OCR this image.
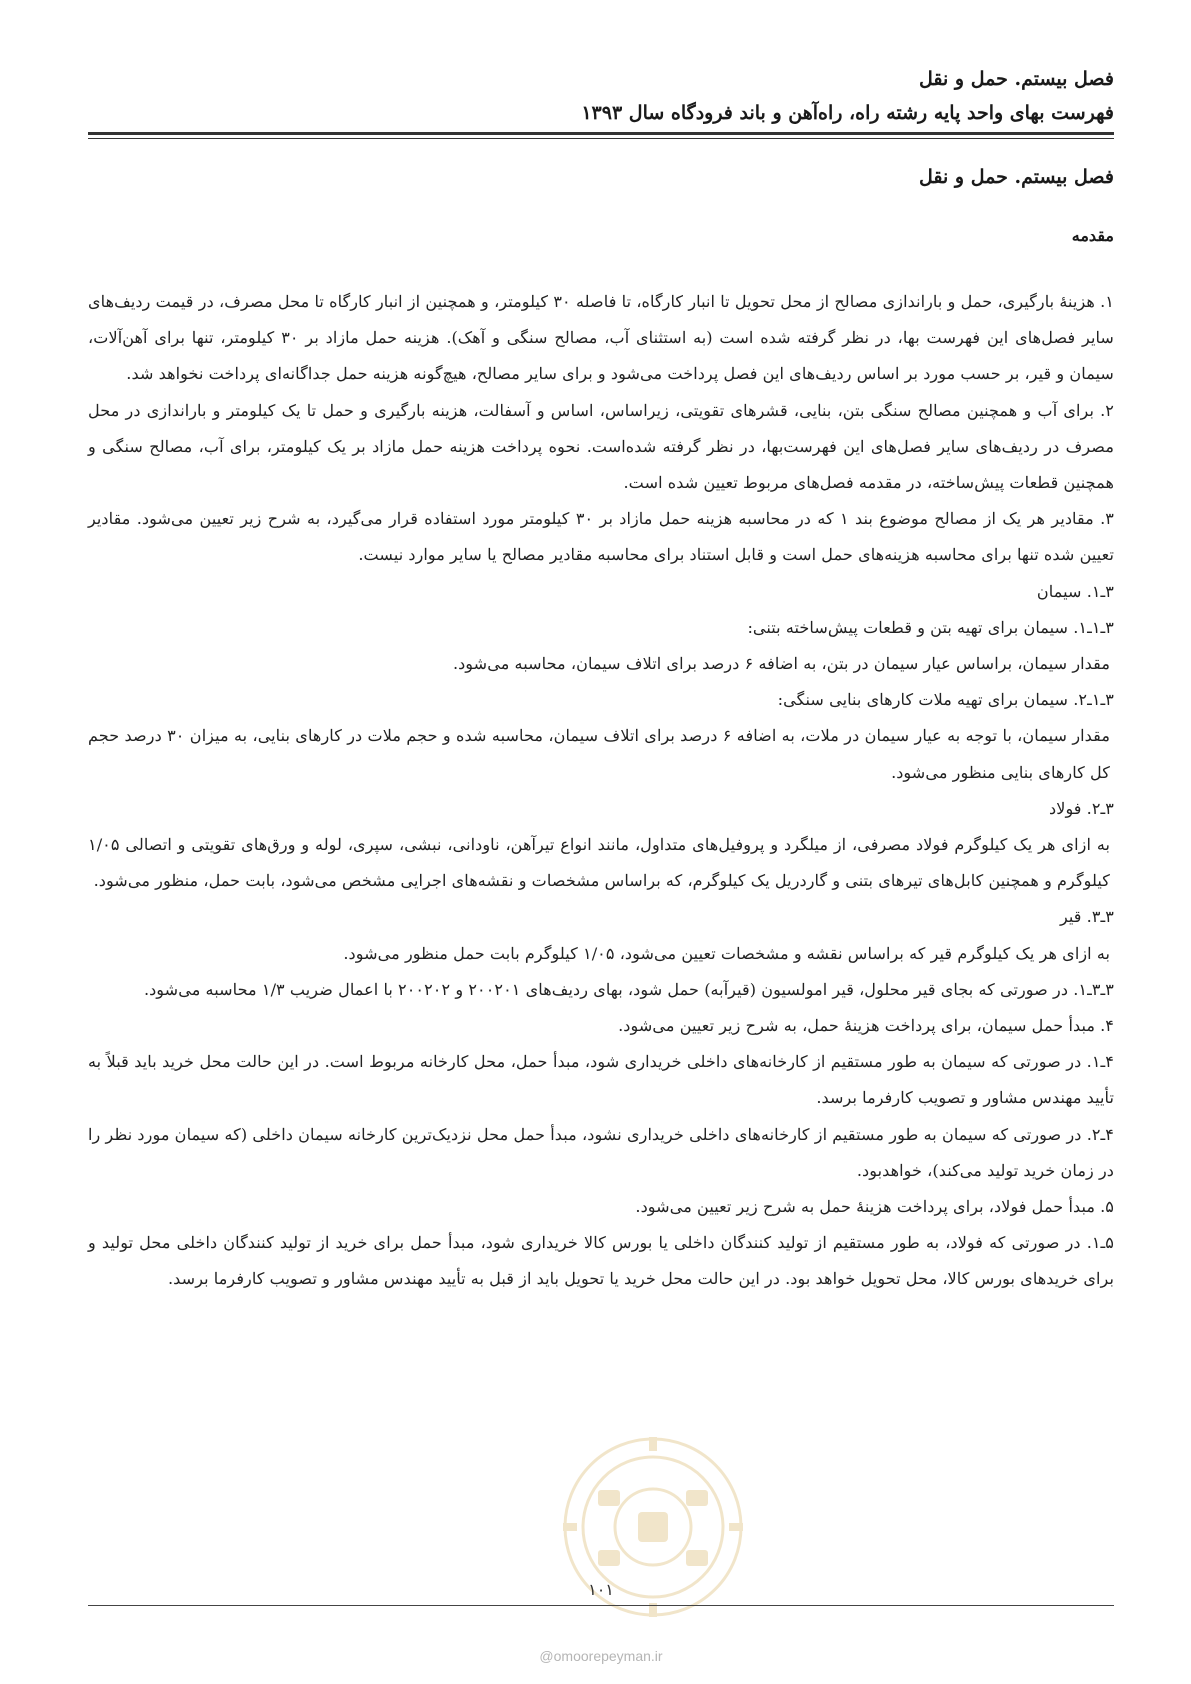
فصل بیستم. حمل و نقل
فهرست بهای واحد پایه رشته راه، راه‌آهن و باند فرودگاه سال ۱۳۹۳
فصل بیستم. حمل و نقل
مقدمه

۱. هزینهٔ بارگیری، حمل و باراندازی مصالح از محل تحویل تا انبار کارگاه، تا فاصله ۳۰ کیلومتر، و همچنین از انبار کارگاه تا محل مصرف، در قیمت ردیف‌های سایر فصل‌های این فهرست بها، در نظر گرفته شده است (به استثنای آب، مصالح سنگی و آهک). هزینه حمل مازاد بر ۳۰ کیلومتر، تنها برای آهن‌آلات، سیمان و قیر، بر حسب مورد بر اساس ردیف‌های این فصل پرداخت می‌شود و برای سایر مصالح، هیچ‌گونه هزینه حمل جداگانه‌ای پرداخت نخواهد شد.

۲. برای آب و همچنین مصالح سنگی بتن، بنایی، قشرهای تقویتی، زیراساس، اساس و آسفالت، هزینه بارگیری و حمل تا یک کیلومتر و باراندازی در محل مصرف در ردیف‌های سایر فصل‌های این فهرست‌بها، در نظر گرفته شده‌است. نحوه پرداخت هزینه حمل مازاد بر یک کیلومتر، برای آب، مصالح سنگی و همچنین قطعات پیش‌ساخته، در مقدمه فصل‌های مربوط تعیین شده است.

۳. مقادیر هر یک از مصالح موضوع بند ۱ که در محاسبه هزینه حمل مازاد بر ۳۰ کیلومتر مورد استفاده قرار می‌گیرد، به شرح زیر تعیین می‌شود. مقادیر تعیین شده تنها برای محاسبه هزینه‌های حمل است و قابل استناد برای محاسبه مقادیر مصالح یا سایر موارد نیست.

۳ـ۱. سیمان

۳ـ۱ـ۱. سیمان برای تهیه بتن و قطعات پیش‌ساخته بتنی:

مقدار سیمان، براساس عیار سیمان در بتن، به اضافه ۶ درصد برای اتلاف سیمان، محاسبه می‌شود.

۳ـ۱ـ۲. سیمان برای تهیه ملات کارهای بنایی سنگی:

مقدار سیمان، با توجه به عیار سیمان در ملات، به اضافه ۶ درصد برای اتلاف سیمان، محاسبه شده و حجم ملات در کارهای بنایی، به میزان ۳۰ درصد حجم کل کارهای بنایی منظور می‌شود.

۳ـ۲. فولاد

به ازای هر یک کیلوگرم فولاد مصرفی، از میلگرد و پروفیل‌های متداول، مانند انواع تیرآهن، ناودانی، نبشی، سپری، لوله و ورق‌های تقویتی و اتصالی ۱/۰۵ کیلوگرم و همچنین کابل‌های تیرهای بتنی و گاردریل یک کیلوگرم، که براساس مشخصات و نقشه‌های اجرایی مشخص می‌شود، بابت حمل، منظور می‌شود.

۳ـ۳. قیر

به ازای هر یک کیلوگرم قیر که براساس نقشه و مشخصات تعیین می‌شود، ۱/۰۵ کیلوگرم بابت حمل منظور می‌شود.

۳ـ۳ـ۱. در صورتی که بجای قیر محلول، قیر امولسیون (قیرآبه) حمل شود، بهای ردیف‌های ۲۰۰۲۰۱ و ۲۰۰۲۰۲ با اعمال ضریب ۱/۳ محاسبه می‌شود.

۴. مبدأ حمل سیمان، برای پرداخت هزینهٔ حمل، به شرح زیر تعیین می‌شود.

۴ـ۱. در صورتی که سیمان به طور مستقیم از کارخانه‌های داخلی خریداری شود، مبدأ حمل، محل کارخانه مربوط است. در این حالت محل خرید باید قبلاً به تأیید مهندس مشاور و تصویب کارفرما برسد.

۴ـ۲. در صورتی که سیمان به طور مستقیم از کارخانه‌های داخلی خریداری نشود، مبدأ حمل محل نزدیک‌ترین کارخانه سیمان داخلی (که سیمان مورد نظر را در زمان خرید تولید می‌کند)، خواهدبود.

۵. مبدأ حمل فولاد، برای پرداخت هزینهٔ حمل به شرح زیر تعیین می‌شود.

۵ـ۱. در صورتی که فولاد، به طور مستقیم از تولید کنندگان داخلی یا بورس کالا خریداری شود، مبدأ حمل برای خرید از تولید کنندگان داخلی محل تولید و برای خریدهای بورس کالا، محل تحویل خواهد بود. در این حالت محل خرید یا تحویل باید از قبل به تأیید مهندس مشاور و تصویب کارفرما برسد.

۱۰۱
@omoorepeyman.ir
